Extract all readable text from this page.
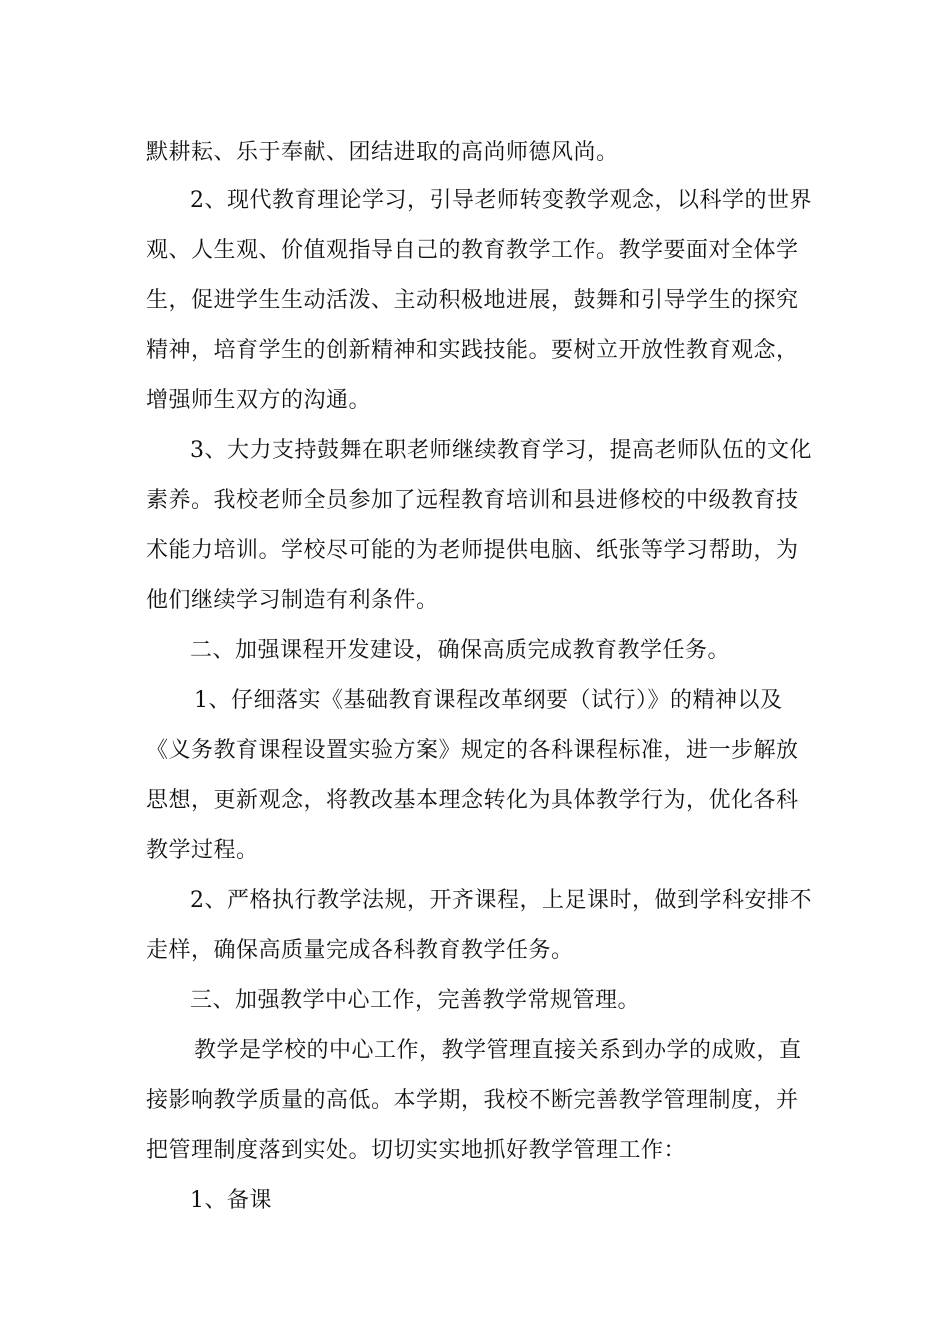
默耕耘、乐于奉献、团结进取的高尚师德风尚。
2、现代教育理论学习，引导老师转变教学观念，以科学的世界
观、人生观、价值观指导自己的教育教学工作。教学要面对全体学
生，促进学生生动活泼、主动积极地进展，鼓舞和引导学生的探究
精神，培育学生的创新精神和实践技能。要树立开放性教育观念，
增强师生双方的沟通。
3、大力支持鼓舞在职老师继续教育学习，提高老师队伍的文化
素养。我校老师全员参加了远程教育培训和县进修校的中级教育技
术能力培训。学校尽可能的为老师提供电脑、纸张等学习帮助，为
他们继续学习制造有利条件。
二、加强课程开发建设，确保高质完成教育教学任务。
1、仔细落实《基础教育课程改革纲要（试行）》的精神以及
《义务教育课程设置实验方案》规定的各科课程标准，进一步解放
思想，更新观念，将教改基本理念转化为具体教学行为，优化各科
教学过程。
2、严格执行教学法规，开齐课程，上足课时，做到学科安排不
走样，确保高质量完成各科教育教学任务。
三、加强教学中心工作，完善教学常规管理。
教学是学校的中心工作，教学管理直接关系到办学的成败，直
接影响教学质量的高低。本学期，我校不断完善教学管理制度，并
把管理制度落到实处。切切实实地抓好教学管理工作：
1、备课
